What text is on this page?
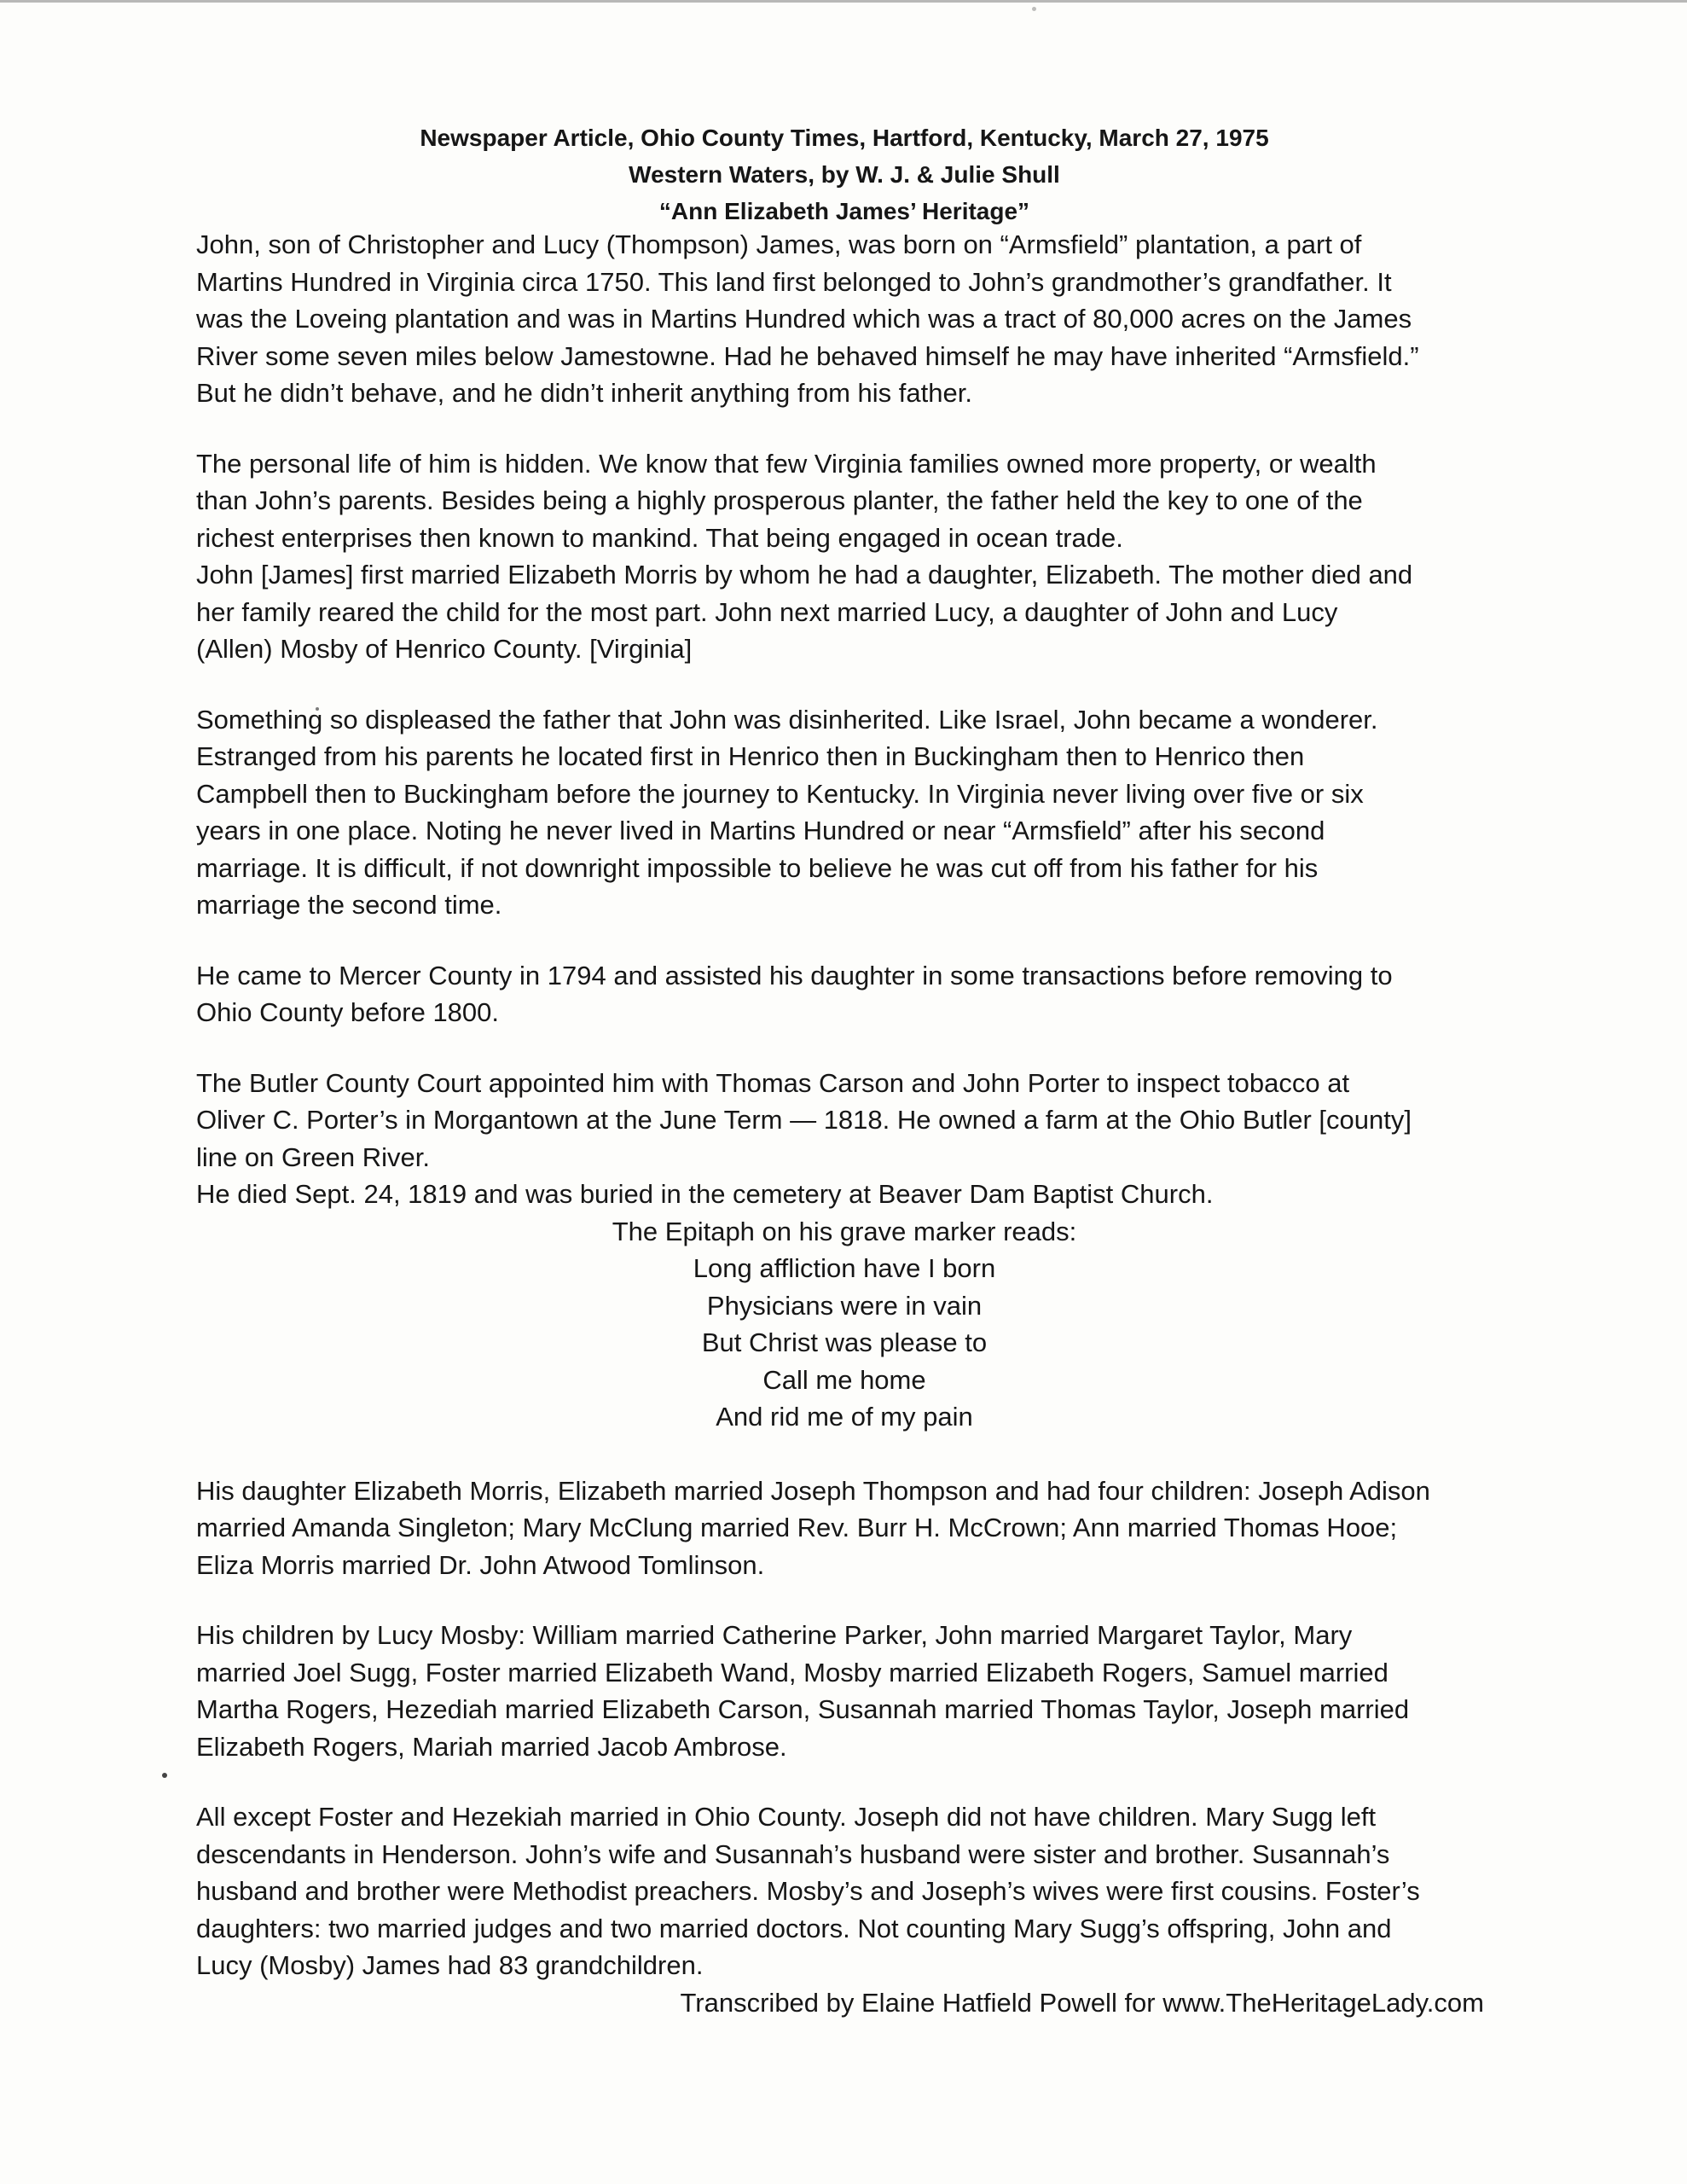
Newspaper Article, Ohio County Times, Hartford, Kentucky, March 27, 1975
Western Waters, by W. J. & Julie Shull
“Ann Elizabeth James’ Heritage”

John, son of Christopher and Lucy (Thompson) James, was born on “Armsfield” plantation, a part of
Martins Hundred in Virginia circa 1750. This land first belonged to John’s grandmother’s grandfather. It
was the Loveing plantation and was in Martins Hundred which was a tract of 80,000 acres on the James
River some seven miles below Jamestowne. Had he behaved himself he may have inherited “Armsfield.”
But he didn’t behave, and he didn’t inherit anything from his father.

The personal life of him is hidden. We know that few Virginia families owned more property, or wealth
than John’s parents. Besides being a highly prosperous planter, the father held the key to one of the
richest enterprises then known to mankind. That being engaged in ocean trade.

John [James] first married Elizabeth Morris by whom he had a daughter, Elizabeth. The mother died and
her family reared the child for the most part. John next married Lucy, a daughter of John and Lucy
(Allen) Mosby of Henrico County. [Virginia]

Something so displeased the father that John was disinherited. Like Israel, John became a wonderer.
Estranged from his parents he located first in Henrico then in Buckingham then to Henrico then
Campbell then to Buckingham before the journey to Kentucky. In Virginia never living over five or six
years in one place. Noting he never lived in Martins Hundred or near “Armsfield” after his second
marriage. It is difficult, if not downright impossible to believe he was cut off from his father for his
marriage the second time.

He came to Mercer County in 1794 and assisted his daughter in some transactions before removing to
Ohio County before 1800.

The Butler County Court appointed him with Thomas Carson and John Porter to inspect tobacco at
Oliver C. Porter’s in Morgantown at the June Term — 1818. He owned a farm at the Ohio Butler [county]
line on Green River.

He died Sept. 24, 1819 and was buried in the cemetery at Beaver Dam Baptist Church.

The Epitaph on his grave marker reads:
Long affliction have I born
Physicians were in vain
But Christ was please to
Call me home
And rid me of my pain

His daughter Elizabeth Morris, Elizabeth married Joseph Thompson and had four children: Joseph Adison
married Amanda Singleton; Mary McClung married Rev. Burr H. McCrown; Ann married Thomas Hooe;
Eliza Morris married Dr. John Atwood Tomlinson.

His children by Lucy Mosby: William married Catherine Parker, John married Margaret Taylor, Mary
married Joel Sugg, Foster married Elizabeth Wand, Mosby married Elizabeth Rogers, Samuel married
Martha Rogers, Hezediah married Elizabeth Carson, Susannah married Thomas Taylor, Joseph married
Elizabeth Rogers, Mariah married Jacob Ambrose.

All except Foster and Hezekiah married in Ohio County. Joseph did not have children. Mary Sugg left
descendants in Henderson. John’s wife and Susannah’s husband were sister and brother. Susannah’s
husband and brother were Methodist preachers. Mosby’s and Joseph’s wives were first cousins. Foster’s
daughters: two married judges and two married doctors. Not counting Mary Sugg’s offspring, John and
Lucy (Mosby) James had 83 grandchildren.

Transcribed by Elaine Hatfield Powell for www.TheHeritageLady.com
